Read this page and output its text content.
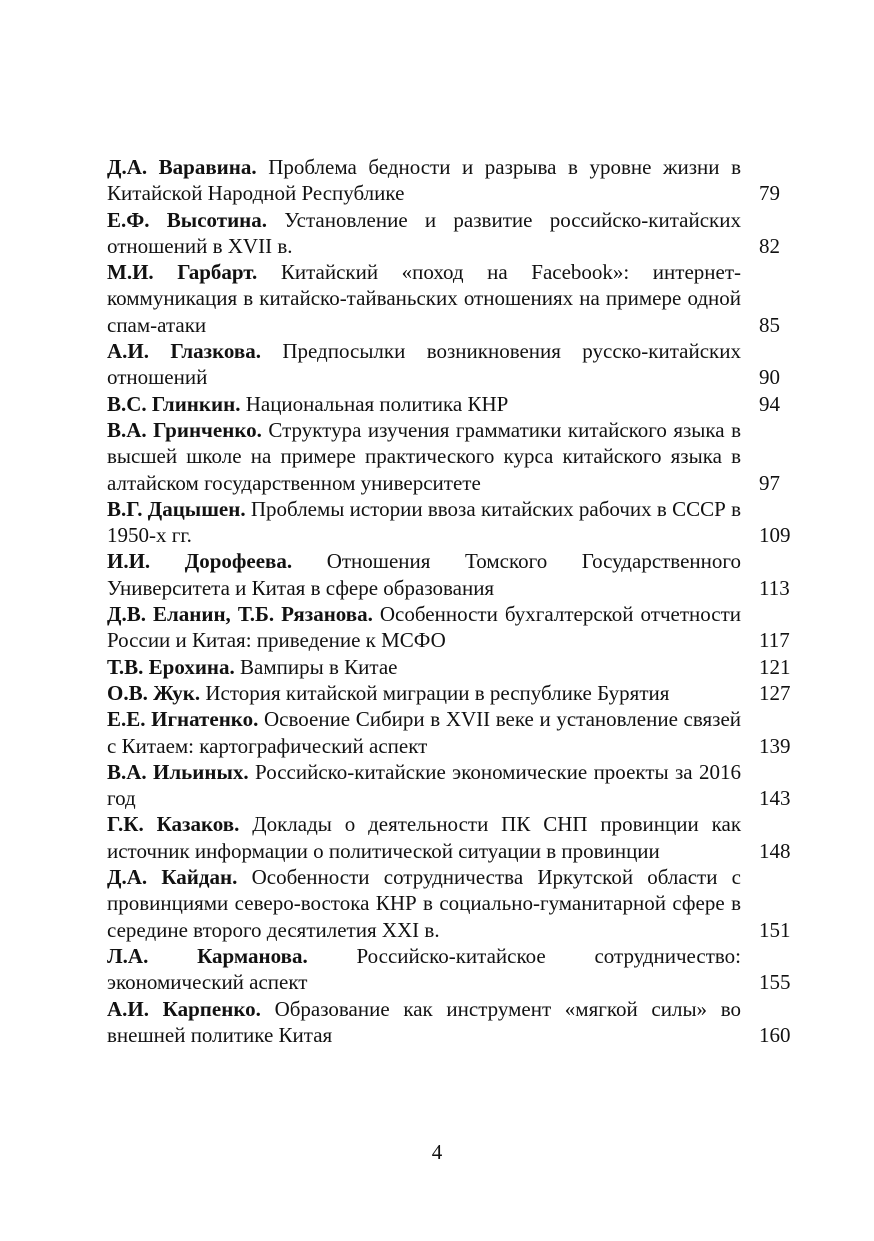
Д.А. Варавина. Проблема бедности и разрыва в уровне жизни в Китайской Народной Республике	79
Е.Ф. Высотина. Установление и развитие российско-китайских отношений в XVII в.	82
М.И. Гарбарт. Китайский «поход на Facebook»: интернет-коммуникация в китайско-тайваньских отношениях на примере одной спам-атаки	85
А.И. Глазкова. Предпосылки возникновения русско-китайских отношений	90
В.С. Глинкин. Национальная политика КНР	94
В.А. Гринченко. Структура изучения грамматики китайского языка в высшей школе на примере практического курса китайского языка в алтайском государственном университете	97
В.Г. Дацышен. Проблемы истории ввоза китайских рабочих в СССР в 1950-х гг.	109
И.И. Дорофеева. Отношения Томского Государственного Университета и Китая в сфере образования	113
Д.В. Еланин, Т.Б. Рязанова. Особенности бухгалтерской отчетности России и Китая: приведение к МСФО	117
Т.В. Ерохина. Вампиры в Китае	121
О.В. Жук. История китайской миграции в республике Бурятия	127
Е.Е. Игнатенко. Освоение Сибири в XVII веке и установление связей с Китаем: картографический аспект	139
В.А. Ильиных. Российско-китайские экономические проекты за 2016 год	143
Г.К. Казаков. Доклады о деятельности ПК СНП провинции как источник информации о политической ситуации в провинции	148
Д.А. Кайдан. Особенности сотрудничества Иркутской области с провинциями северо-востока КНР в социально-гуманитарной сфере в середине второго десятилетия XXI в.	151
Л.А. Карманова. Российско-китайское сотрудничество: экономический аспект	155
А.И. Карпенко. Образование как инструмент «мягкой силы» во внешней политике Китая	160
4
